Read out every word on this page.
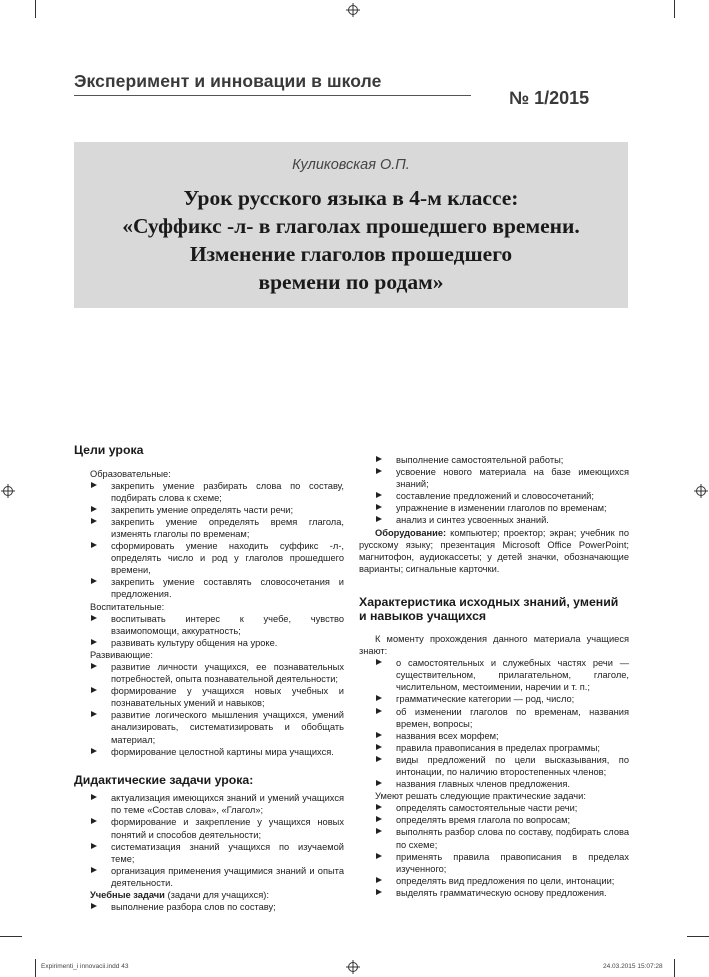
Эксперимент и инновации в школе
№ 1/2015
Куликовская О.П.
Урок русского языка в 4-м классе:
«Суффикс -л- в глаголах прошедшего времени.
Изменение глаголов прошедшего
времени по родам»

Цели урока

Образовательные:

закрепить умение разбирать слова по составу, подбирать слова к схеме;

закрепить умение определять части речи;

закрепить умение определять время глагола, изменять глаголы по временам;

сформировать умение находить суффикс -л-, определять число и род у глаголов прошедшего времени,

закрепить умение составлять словосочетания и предложения.

Воспитательные:

воспитывать интерес к учебе, чувство взаимопомощи, аккуратность;

развивать культуру общения на уроке.

Развивающие:

развитие личности учащихся, ее познавательных потребностей, опыта познавательной деятельности;

формирование у учащихся новых учебных и познавательных умений и навыков;

развитие логического мышления учащихся, умений анализировать, систематизировать и обобщать материал;

формирование целостной картины мира учащихся.

Дидактические задачи урока:

актуализация имеющихся знаний и умений учащихся по теме «Состав слова», «Глагол»;

формирование и закрепление у учащихся новых понятий и способов деятельности;

систематизация знаний учащихся по изучаемой теме;

организация применения учащимися знаний и опыта деятельности.

Учебные задачи (задачи для учащихся):

выполнение разбора слов по составу;

выполнение самостоятельной работы;

усвоение нового материала на базе имеющихся знаний;

составление предложений и словосочетаний;

упражнение в изменении глаголов по временам;

анализ и синтез усвоенных знаний.

Оборудование: компьютер; проектор; экран; учебник по русскому языку; презентация Microsoft Office PowerPoint; магнитофон, аудиокассеты; у детей значки, обозначающие варианты; сигнальные карточки.

Характеристика исходных знаний, умений и навыков учащихся

К моменту прохождения данного материала учащиеся знают:

о самостоятельных и служебных частях речи — существительном, прилагательном, глаголе, числительном, местоимении, наречии и т. п.;

грамматические категории — род, число;

об изменении глаголов по временам, названия времен, вопросы;

названия всех морфем;

правила правописания в пределах программы;

виды предложений по цели высказывания, по интонации, по наличию второстепенных членов;

названия главных членов предложения.

Умеют решать следующие практические задачи:

определять самостоятельные части речи;

определять время глагола по вопросам;

выполнять разбор слова по составу, подбирать слова по схеме;

применять правила правописания в пределах изученного;

определять вид предложения по цели, интонации;

выделять грамматическую основу предложения.

Expirimenti_i innovacii.indd 43	24.03.2015 15:07:28
